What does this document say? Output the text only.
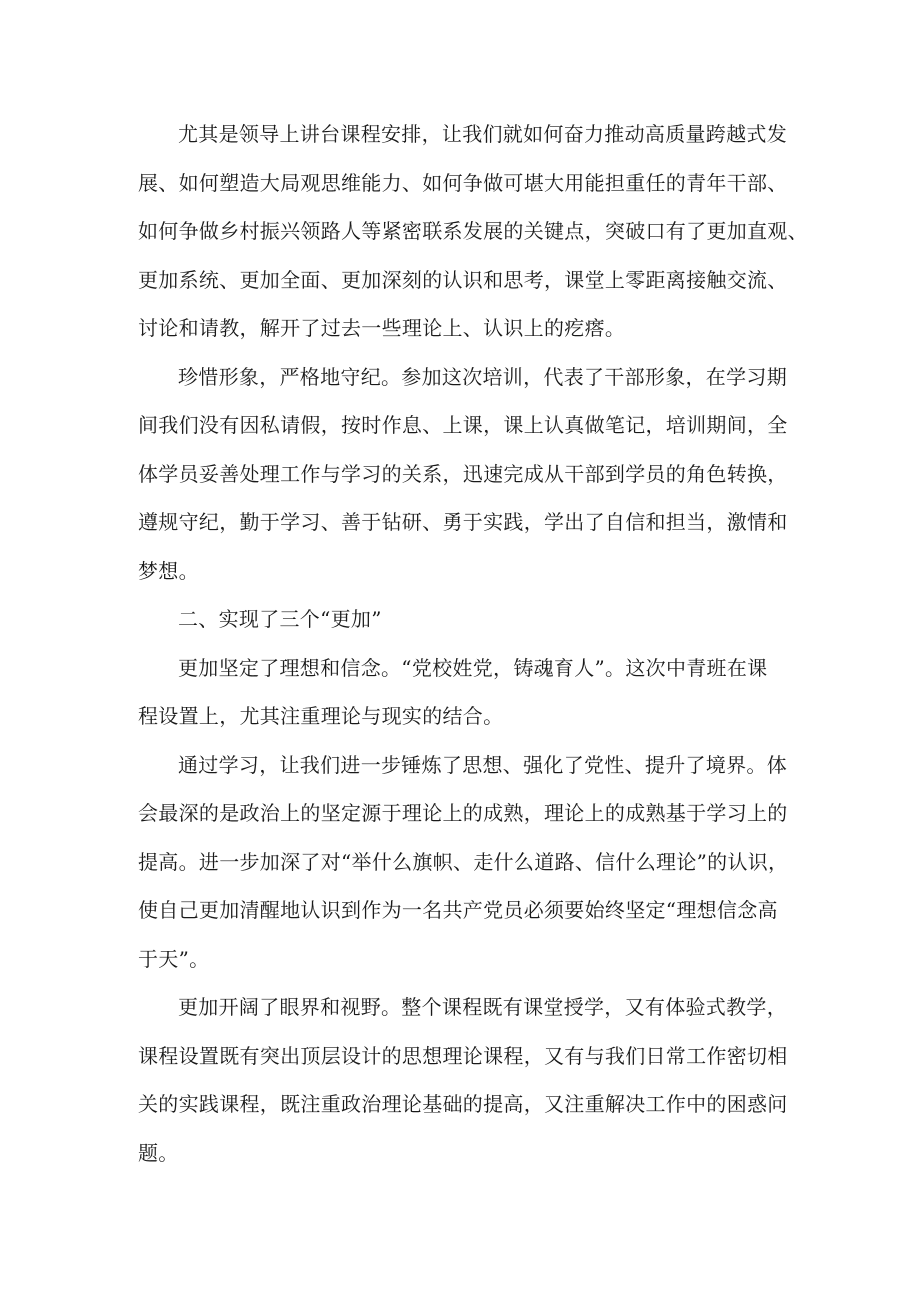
尤其是领导上讲台课程安排，让我们就如何奋力推动高质量跨越式发
展、如何塑造大局观思维能力、如何争做可堪大用能担重任的青年干部、
如何争做乡村振兴领路人等紧密联系发展的关键点，突破口有了更加直观、
更加系统、更加全面、更加深刻的认识和思考，课堂上零距离接触交流、
讨论和请教，解开了过去一些理论上、认识上的疙瘩。
珍惜形象，严格地守纪。参加这次培训，代表了干部形象，在学习期
间我们没有因私请假，按时作息、上课，课上认真做笔记，培训期间，全
体学员妥善处理工作与学习的关系，迅速完成从干部到学员的角色转换，
遵规守纪，勤于学习、善于钻研、勇于实践，学出了自信和担当，激情和
梦想。
二、实现了三个“更加”
更加坚定了理想和信念。“党校姓党，铸魂育人”。这次中青班在课
程设置上，尤其注重理论与现实的结合。
通过学习，让我们进一步锤炼了思想、强化了党性、提升了境界。体
会最深的是政治上的坚定源于理论上的成熟，理论上的成熟基于学习上的
提高。进一步加深了对“举什么旗帜、走什么道路、信什么理论”的认识，
使自己更加清醒地认识到作为一名共产党员必须要始终坚定“理想信念高
于天”。
更加开阔了眼界和视野。整个课程既有课堂授学，又有体验式教学，
课程设置既有突出顶层设计的思想理论课程，又有与我们日常工作密切相
关的实践课程，既注重政治理论基础的提高，又注重解决工作中的困惑问
题。
